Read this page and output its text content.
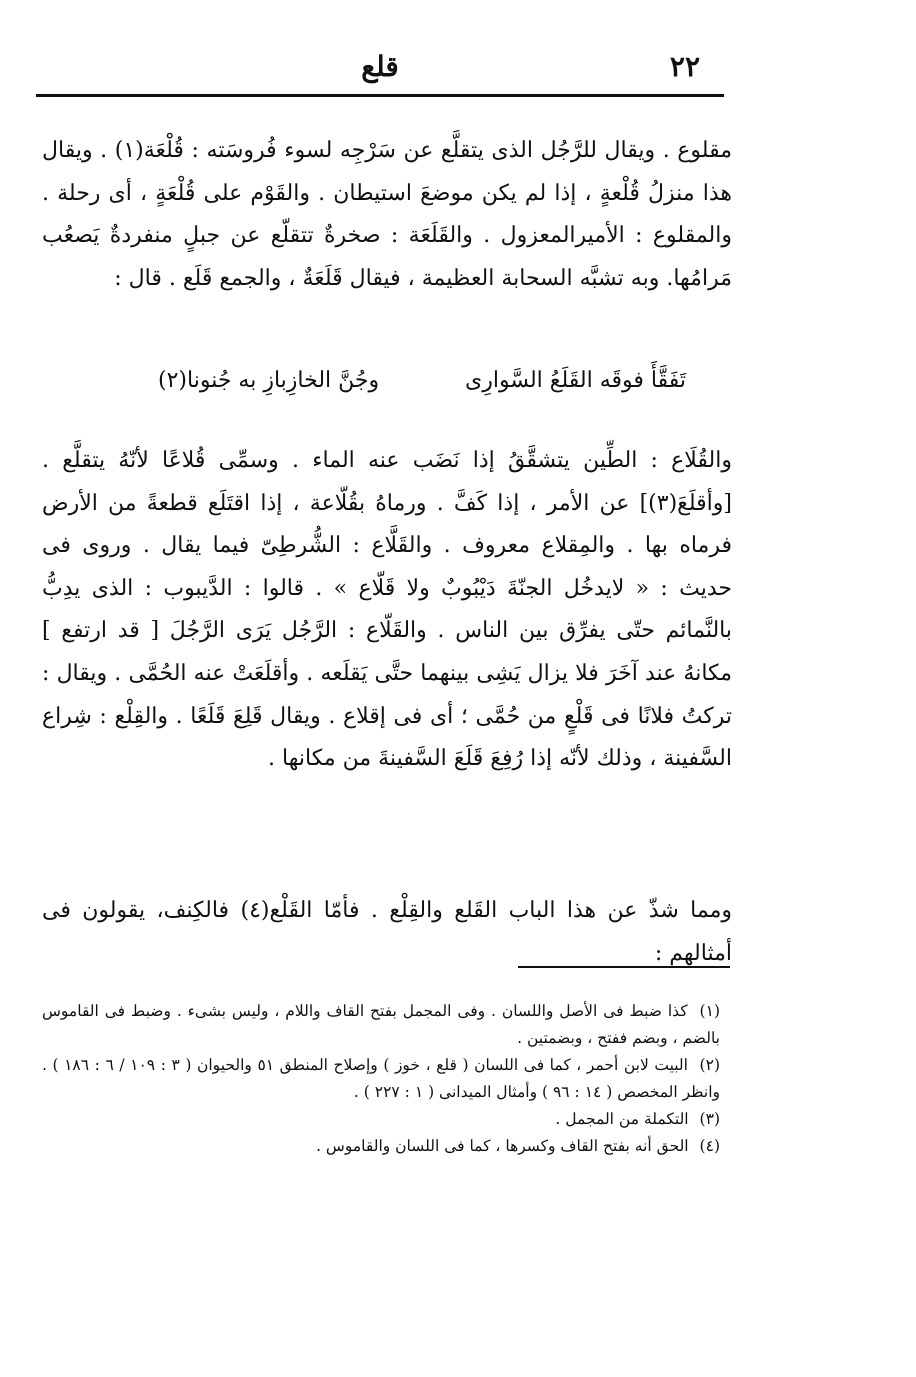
٢٢
قلع

مقلوع . ويقال للرَّجُل الذى يتقلَّع عن سَرْجِه لسوء فُروسَته : قُلْعَة(١) . ويقال هذا منزلُ قُلْعةٍ ، إذا لم يكن موضعَ استيطان . والقَوْم على قُلْعَةٍ ، أى رحلة . والمقلوع : الأميرالمعزول . والقَلَعَة : صخرةٌ تتقلّع عن جبلٍ منفردةٌ يَصعُب مَرامُها. وبه تشبَّه السحابة العظيمة ، فيقال قَلَعَةٌ ، والجمع قَلَع . قال :

تَفَقَّأَ فوقَه القَلَعُ السَّوارِى
وجُنَّ الخازِبازِ به جُنونا(٢)

والقُلَاع : الطِّين يتشقَّقُ إذا نَضَب عنه الماء . وسمِّى قُلاعًا لأنّهُ يتقلَّع . [وأقلَعَ(٣)] عن الأمر ، إذا كَفَّ . ورماهُ بقُلّاعة ، إذا اقتَلَع قطعةً من الأرض فرماه بها . والمِقلاع معروف . والقَلَّاع : الشُّرطِىّ فيما يقال . وروى فى حديث : « لايدخُل الجنّةَ دَيْبُوبٌ ولا قَلّاع » . قالوا : الدَّيبوب : الذى يدِبُّ بالنَّمائم حتّى يفرِّق بين الناس . والقَلّاع : الرَّجُل يَرَى الرَّجُلَ [ قد ارتفع ] مكانهُ عند آخَرَ فلا يزال يَشِى بينهما حتَّى يَقلَعه . وأقلَعَتْ عنه الحُمَّى . ويقال : تركتُ فلانًا فى قَلْعٍ من حُمَّى ؛ أى فى إقلاع . ويقال قَلِعَ قَلَعًا . والقِلْع : شِراع السَّفينة ، وذلك لأنّه إذا رُفِعَ قَلَعَ السَّفينةَ من مكانها .

ومما شذّ عن هذا الباب القَلع والقِلْع . فأمّا القَلْع(٤) فالكِنف، يقولون فى أمثالهم :

(١) كذا ضبط فى الأصل واللسان . وفى المجمل بفتح القاف واللام ، وليس بشىء . وضبط فى القاموس بالضم ، وبضم ففتح ، وبضمتين .
(٢) البيت لابن أحمر ، كما فى اللسان ( قلع ، خوز ) وإصلاح المنطق ٥١ والحيوان ( ٣ : ١٠٩ / ٦ : ١٨٦ ) . وانظر المخصص ( ١٤ : ٩٦ ) وأمثال الميدانى ( ١ : ٢٢٧ ) .
(٣) التكملة من المجمل .
(٤) الحق أنه بفتح القاف وكسرها ، كما فى اللسان والقاموس .
